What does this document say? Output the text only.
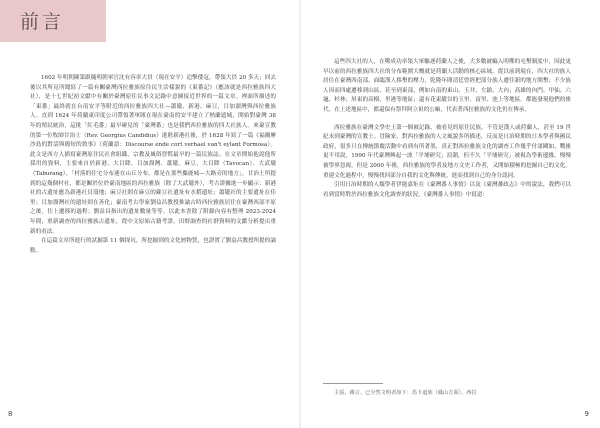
前言

1602 年明朝陳第跟隨明朝軍官沈有容率大員（現在安平）追擊倭寇，帶領大員 20 多天；回去後以其所見所聞寫了一篇有關臺灣西拉雅族原住民生活樣貌的《東番記》（應該就是西拉雅族四大社），是十七世紀初文獻中有關於臺灣原住民事文記錄中意圖接近世界的一篇文章。裡面所描述的「東番」最終就在台南安平等附近的西拉雅族四大社—蕭壠、新港、麻豆，目加溜灣與西拉雅族人。直到 1624 年荷蘭東印度公司帶領著軍隊在現在臺南的安平建立了熱蘭遮城，開始對臺灣 38 年的殖民統治，這批「紅毛番」最早碰見的「臺灣番」也是我們西拉雅族的四大社族人。來臺宣教的第一位牧師甘治士（Rev. Georgius Candidius）進駐新港社後，於 1628 年寫了一篇《福爾摩沙島的對話與簡短的敘事》（荷蘭語：Discourse ende cort verhael van't eylant Formosa）。此文是西方人描寫臺灣原住民社會組織、宗教及風俗習慣最早的一篇民族誌。在文章開始他說他所採用的資料，主要來自於新港、大目降、目加溜灣、蕭壠、麻豆、大目降（Tavocan）、大武壠（Taburang）、「村落的住宅分布連在山丘分布，都是在那些麋鹿城—大路旁的地方」，甘治士所提到的這幾個村社，都是關於位於臺南地區的西拉雅族（除了大武壠外），考古證據進一步顯示：新港社的古遺址應為新港社貝殼地；麻豆社則在麻豆的蔴豆社遺址有水稻遺址；蕭壠社的主要遺址在佳里；目加溜灣社的遺址則在善化；臺南考古學家劉益昌教授推論古時西拉雅族居住在臺灣西部平原之後，往上遷移的過程；劉益昌指出的遺址數量等等。以此本書除了附錄內容有整理 2023-2024 年間，重新調查的西拉雅族古遺址，從中文原始古籍考證、田野調查的社群資料的文獻分析提出重新的看法。

在這篇文章所進行的試掘第 11 個探坑，所挖掘到的文化層物質，也證實了劉益昌教授所提的論點。

8

這些四大社的人，在鄭成功率領大軍驅逐荷蘭人之後，大多數被編入明鄭的屯墾制度中，因此更早以前的西拉雅族四大社的分布範圍大概就是荷蘭人活動的核心區域。從以前到現在，四大社的族人居住在臺灣西南部，面臨漢人移墾的壓力，乾隆年間清廷曾經把部分族人遷往新的地方開墾；不少族人因而四處遷移到山區，甚至到東部，例如台南的東山、玉井、左鎮、大內；高雄的內門、甲仙、六龜、杉林；屏東的高樹、里港等地區；還有花東縱谷的玉里、富里、池上等地區。都能發現他們的後代。在上述地區中，都還保有祭拜阿立祖的公廨，代表著西拉雅族的文化仍在傳承。

西拉雅族在臺灣文學史上第一個被記錄、被看見的原住民族，不管是漢人或荷蘭人，甚至 19 世紀末到臺灣的宣教士、冒險家，對西拉雅族的人文風貌多所描述，反而是日治時期的日本學者與國民政府，很多只在傳統節慶活動中看到有所著墨，真正對西拉雅族文化的調查工作幾乎付諸闕如，戰後更不用說，1990 年代臺灣興起一波「平埔研究」浪潮，但不久「平埔研究」被視為學術邊緣，慢慢被學界忽視，但是 2000 年後，西拉雅族的學者及地方文史工作者，又開始積極的挖掘自己的文化。重建文化過程中，慢慢找回部分自我的文化與傳統，進而找到自己的身分認同。

引用日治時期的人類學者伊能嘉矩在《臺灣番人事情》以及《臺灣蕃政志》中的說法，我們可以看到當時對於西拉雅族文化調查的狀況，《臺灣番人事情》中寫道：

主張、維言、已全然文明者如下：馬卡道族（鳳山方面），西拉
9
